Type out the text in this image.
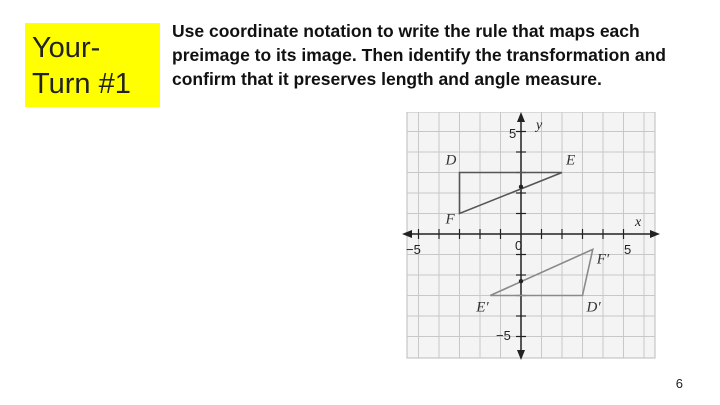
Your-
Turn #1
Use coordinate notation to write the rule that maps each preimage to its image. Then identify the transformation and confirm that it preserves length and angle measure.
−5	5
5
−5
0
y
x
D	E
F
D′
E′
F′
6
